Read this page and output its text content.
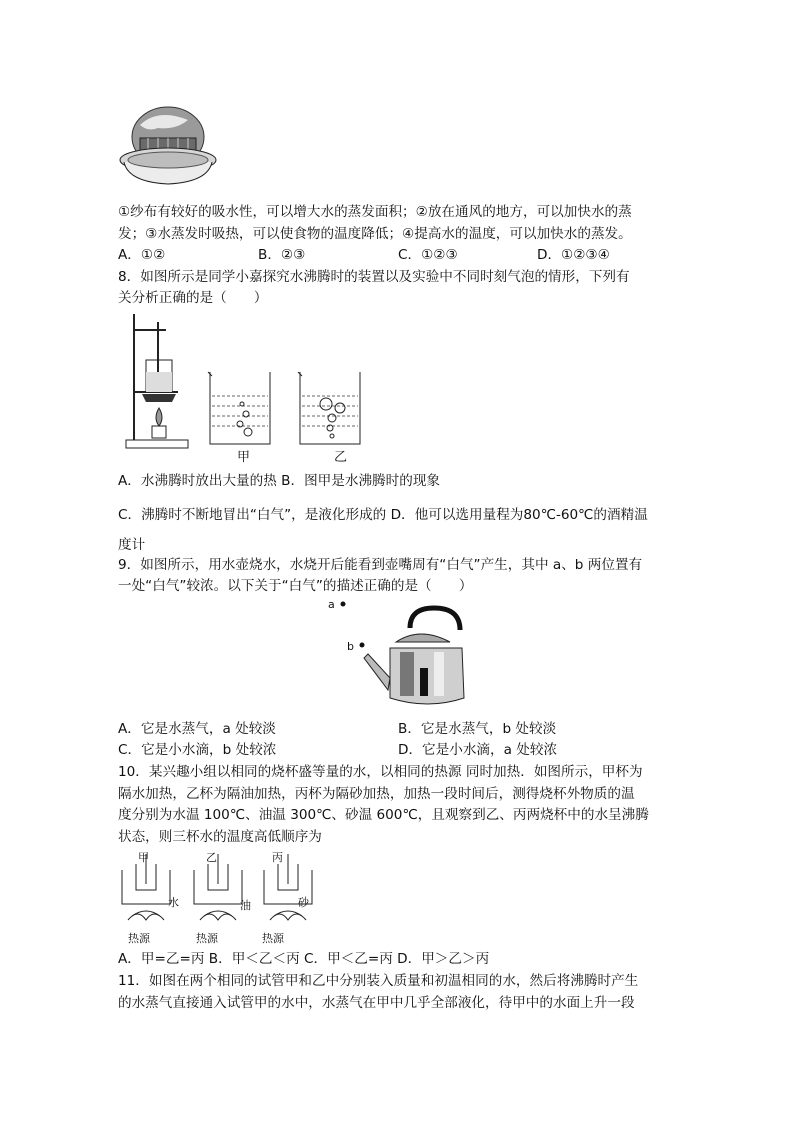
①纱布有较好的吸水性，可以增大水的蒸发面积；②放在通风的地方，可以加快水的蒸
发；③水蒸发时吸热，可以使食物的温度降低；④提高水的温度，可以加快水的蒸发。
A．①②	B．②③	C．①②③	D．①②③④
8．如图所示是同学小嘉探究水沸腾时的装置以及实验中不同时刻气泡的情形，下列有
关分析正确的是（　　）
甲	乙
A．水沸腾时放出大量的热 B．图甲是水沸腾时的现象
C．沸腾时不断地冒出“白气”，是液化形成的 D．他可以选用量程为80℃-60℃的酒精温
度计
9．如图所示，用水壶烧水，水烧开后能看到壶嘴周有“白气”产生，其中 a、b 两位置有
一处“白气”较浓。以下关于“白气”的描述正确的是（　　）
a
b
A．它是水蒸气，a 处较淡	B．它是水蒸气，b 处较淡
C．它是小水滴，b 处较浓	D．它是小水滴，a 处较浓
10．某兴趣小组以相同的烧杯盛等量的水，以相同的热源 同时加热．如图所示，甲杯为
隔水加热，乙杯为隔油加热，丙杯为隔砂加热，加热一段时间后，测得烧杯外物质的温
度分别为水温 100℃、油温 300℃、砂温 600℃，且观察到乙、丙两烧杯中的水呈沸腾
状态，则三杯水的温度高低顺序为
甲	乙	丙
水	油	砂
热源	热源	热源
A．甲=乙=丙 B．甲＜乙＜丙 C．甲＜乙=丙 D．甲＞乙＞丙
11．如图在两个相同的试管甲和乙中分别装入质量和初温相同的水，然后将沸腾时产生
的水蒸气直接通入试管甲的水中，水蒸气在甲中几乎全部液化，待甲中的水面上升一段
